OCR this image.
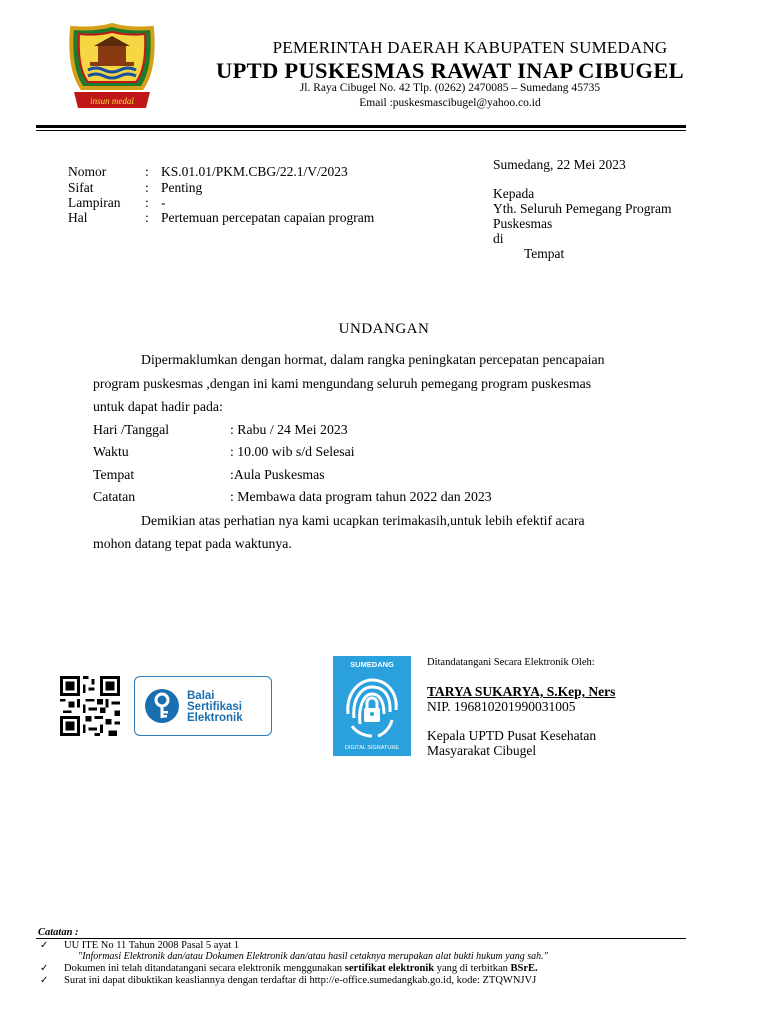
insun medal
PEMERINTAH DAERAH KABUPATEN SUMEDANG
UPTD PUSKESMAS RAWAT INAP CIBUGEL
Jl. Raya Cibugel No. 42 Tlp. (0262) 2470085 – Sumedang 45735
Email :puskesmascibugel@yahoo.co.id
Nomor	: KS.01.01/PKM.CBG/22.1/V/2023
Sifat	: Penting
Lampiran : -
Hal	: Pertemuan percepatan capaian program
Sumedang, 22 Mei 2023
Kepada
Yth. Seluruh Pemegang Program
Puskesmas
di
Tempat
UNDANGAN
Dipermaklumkan dengan hormat, dalam rangka peningkatan percepatan pencapaian
program puskesmas ,dengan ini kami mengundang seluruh pemegang program puskesmas
untuk dapat hadir pada:
Hari /Tanggal	: Rabu / 24 Mei 2023
Waktu	: 10.00 wib s/d Selesai
Tempat	:Aula Puskesmas
Catatan	: Membawa data program tahun 2022 dan 2023
Demikian atas perhatian nya kami ucapkan terimakasih,untuk lebih efektif acara
mohon datang tepat pada waktunya.
Balai
Sertifikasi
Elektronik
SUMEDANG
DIGITAL SIGNATURE
Ditandatangani Secara Elektronik Oleh:
TARYA SUKARYA, S.Kep, Ners
NIP. 196810201990031005
Kepala UPTD Pusat Kesehatan
Masyarakat Cibugel
Catatan :
✓ UU ITE No 11 Tahun 2008 Pasal 5 ayat 1
"Informasi Elektronik dan/atau Dokumen Elektronik dan/atau hasil cetaknya merupakan alat bukti hukum yang sah."
✓ Dokumen ini telah ditandatangani secara elektronik menggunakan sertifikat elektronik yang di terbitkan BSrE.
✓ Surat ini dapat dibuktikan keasliannya dengan terdaftar di http://e-office.sumedangkab.go.id, kode: ZTQWNJVJ
